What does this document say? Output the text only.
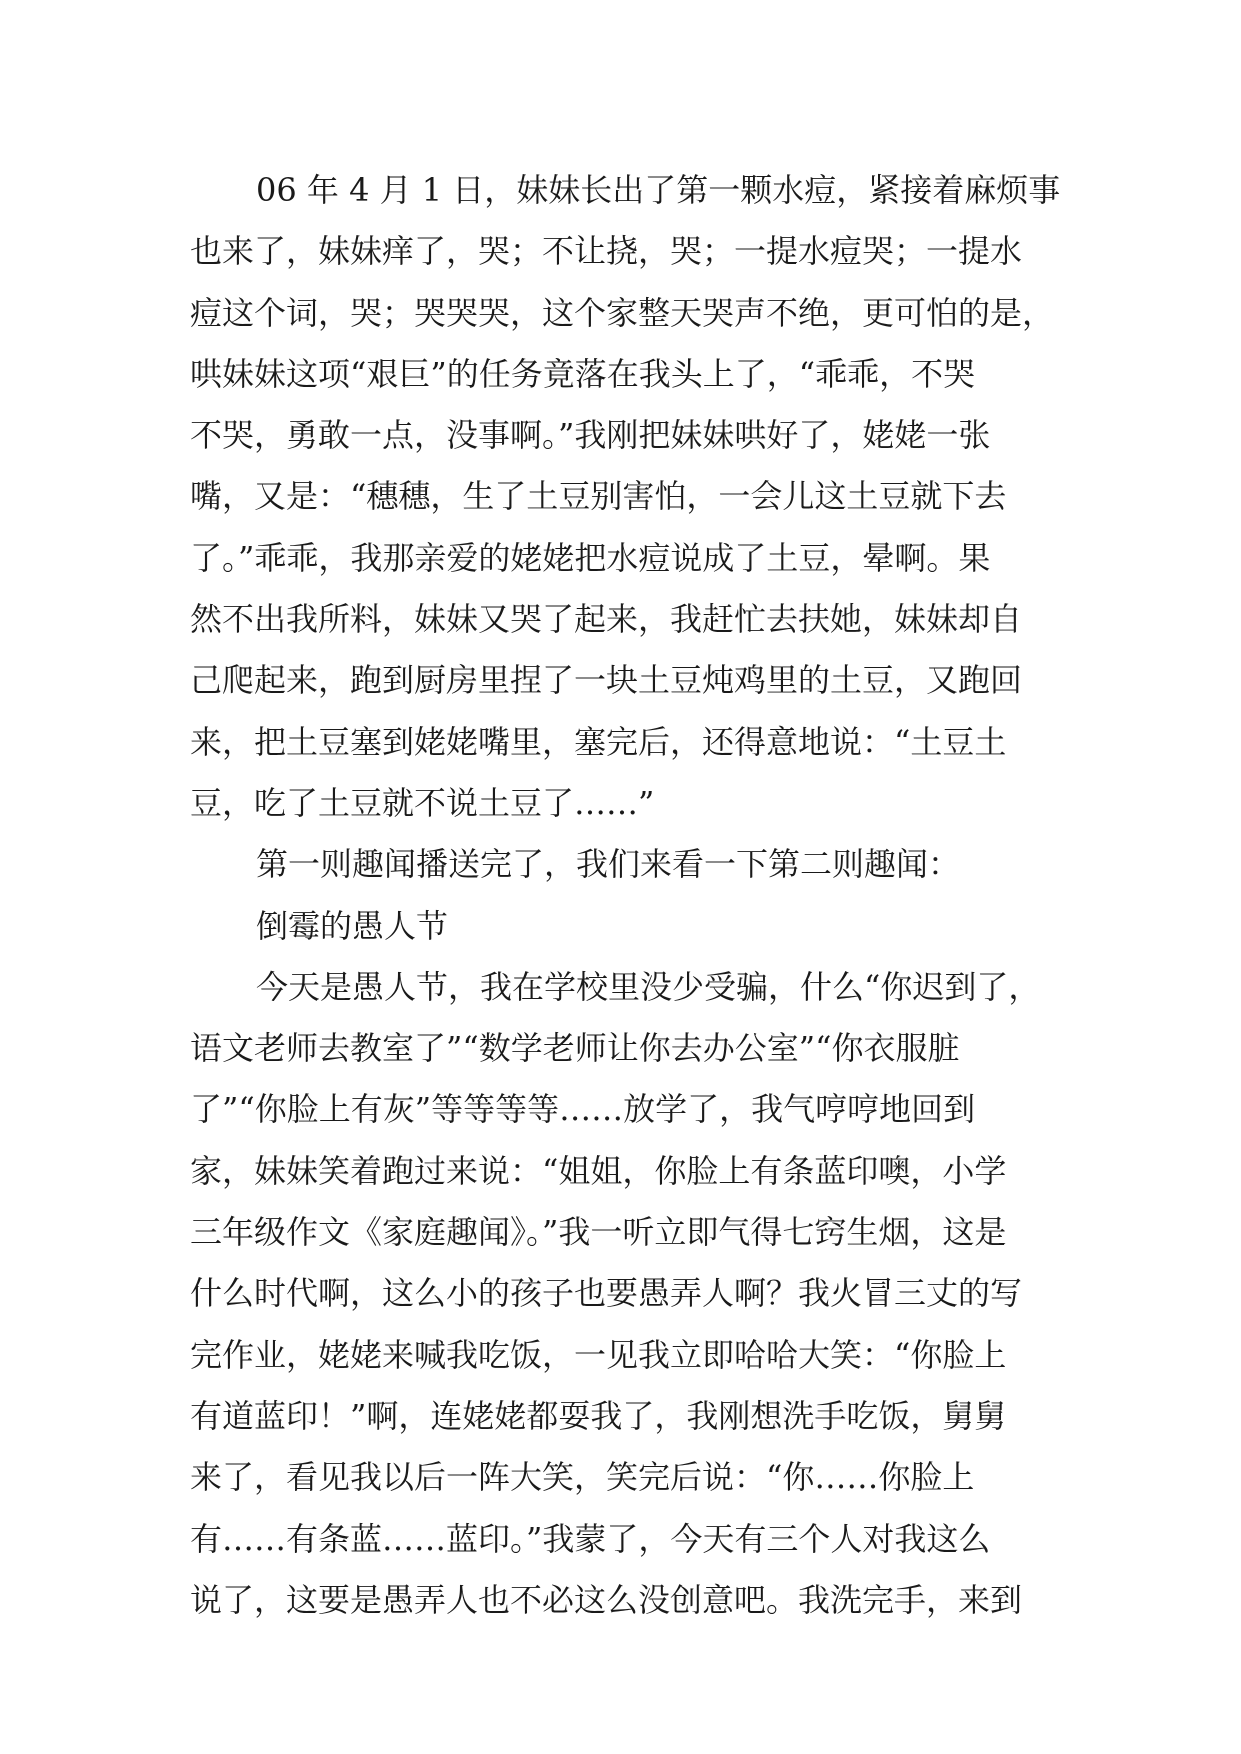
06 年 4 月 1 日，妹妹长出了第一颗水痘，紧接着麻烦事
也来了，妹妹痒了，哭；不让挠，哭；一提水痘哭；一提水
痘这个词，哭；哭哭哭，这个家整天哭声不绝，更可怕的是，
哄妹妹这项“艰巨”的任务竟落在我头上了，“乖乖，不哭
不哭，勇敢一点，没事啊。”我刚把妹妹哄好了，姥姥一张
嘴，又是：“穗穗，生了土豆别害怕，一会儿这土豆就下去
了。”乖乖，我那亲爱的姥姥把水痘说成了土豆，晕啊。果
然不出我所料，妹妹又哭了起来，我赶忙去扶她，妹妹却自
己爬起来，跑到厨房里捏了一块土豆炖鸡里的土豆，又跑回
来，把土豆塞到姥姥嘴里，塞完后，还得意地说：“土豆土
豆，吃了土豆就不说土豆了……”
第一则趣闻播送完了，我们来看一下第二则趣闻：
倒霉的愚人节
今天是愚人节，我在学校里没少受骗，什么“你迟到了，
语文老师去教室了”“数学老师让你去办公室”“你衣服脏
了”“你脸上有灰”等等等等……放学了，我气哼哼地回到
家，妹妹笑着跑过来说：“姐姐，你脸上有条蓝印噢，小学
三年级作文《家庭趣闻》。”我一听立即气得七窍生烟，这是
什么时代啊，这么小的孩子也要愚弄人啊？我火冒三丈的写
完作业，姥姥来喊我吃饭，一见我立即哈哈大笑：“你脸上
有道蓝印！”啊，连姥姥都耍我了，我刚想洗手吃饭，舅舅
来了，看见我以后一阵大笑，笑完后说：“你……你脸上
有……有条蓝……蓝印。”我蒙了，今天有三个人对我这么
说了，这要是愚弄人也不必这么没创意吧。我洗完手，来到
